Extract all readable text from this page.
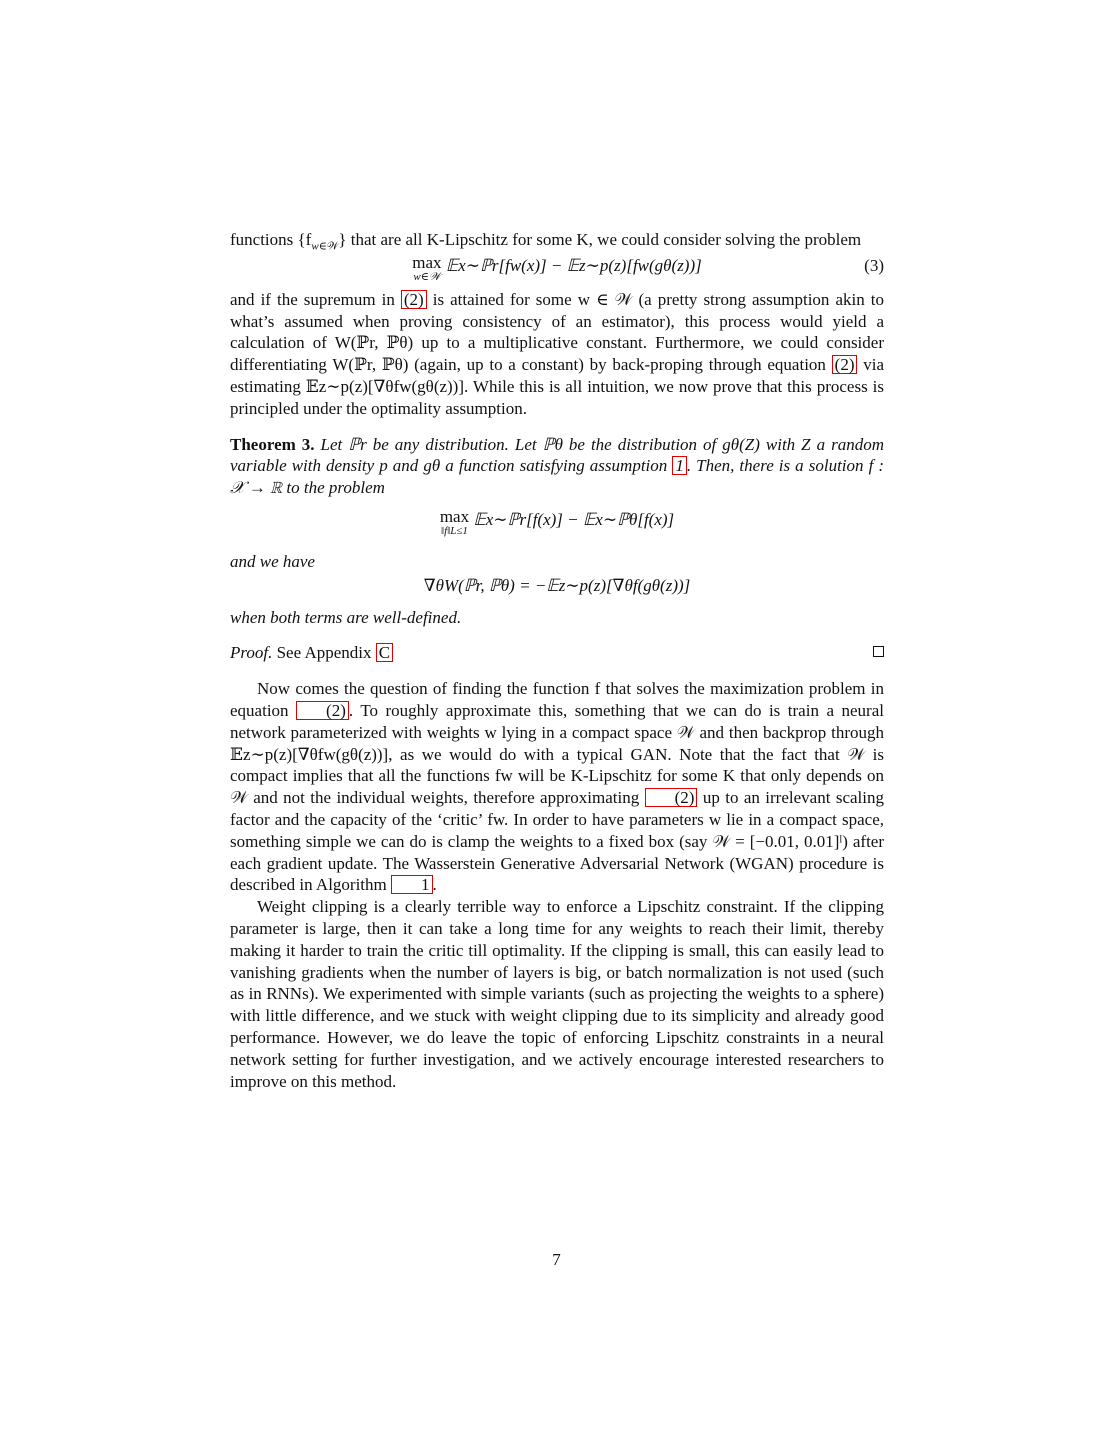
functions $\{f_{w\in 𝒲}\}$ that are all K-Lipschitz for some K, we could consider solving the problem

max
w∈𝒲
𝔼x∼ℙr[fw(x)] − 𝔼z∼p(z)[fw(gθ(z))]	(3)

and if the supremum in (2) is attained for some w ∈ 𝒲 (a pretty strong assumption akin to what’s assumed when proving consistency of an estimator), this process would yield a calculation of W(ℙr, ℙθ) up to a multiplicative constant. Furthermore, we could consider differentiating W(ℙr, ℙθ) (again, up to a constant) by back-proping through equation (2) via estimating 𝔼z∼p(z)[∇θfw(gθ(z))]. While this is all intuition, we now prove that this process is principled under the optimality assumption.

Theorem 3. Let ℙr be any distribution. Let ℙθ be the distribution of gθ(Z) with Z a random variable with density p and gθ a function satisfying assumption 1 . Then, there is a solution f : 𝒳 → ℝ to the problem

max
‖f‖L≤1
𝔼x∼ℙr[f(x)] − 𝔼x∼ℙθ[f(x)]

and we have

∇θW(ℙr, ℙθ) = −𝔼z∼p(z)[∇θf(gθ(z))]

when both terms are well-defined.

Proof. See Appendix C

Now comes the question of finding the function f that solves the maximization problem in equation (2) . To roughly approximate this, something that we can do is train a neural network parameterized with weights w lying in a compact space 𝒲 and then backprop through 𝔼z∼p(z)[∇θfw(gθ(z))], as we would do with a typical GAN. Note that the fact that 𝒲 is compact implies that all the functions fw will be K-Lipschitz for some K that only depends on 𝒲 and not the individual weights, therefore approximating (2) up to an irrelevant scaling factor and the capacity of the ‘critic’ fw. In order to have parameters w lie in a compact space, something simple we can do is clamp the weights to a fixed box (say 𝒲 = [−0.01, 0.01]ˡ) after each gradient update. The Wasserstein Generative Adversarial Network (WGAN) procedure is described in Algorithm 1 .

Weight clipping is a clearly terrible way to enforce a Lipschitz constraint. If the clipping parameter is large, then it can take a long time for any weights to reach their limit, thereby making it harder to train the critic till optimality. If the clipping is small, this can easily lead to vanishing gradients when the number of layers is big, or batch normalization is not used (such as in RNNs). We experimented with simple variants (such as projecting the weights to a sphere) with little difference, and we stuck with weight clipping due to its simplicity and already good performance. However, we do leave the topic of enforcing Lipschitz constraints in a neural network setting for further investigation, and we actively encourage interested researchers to improve on this method.

7
